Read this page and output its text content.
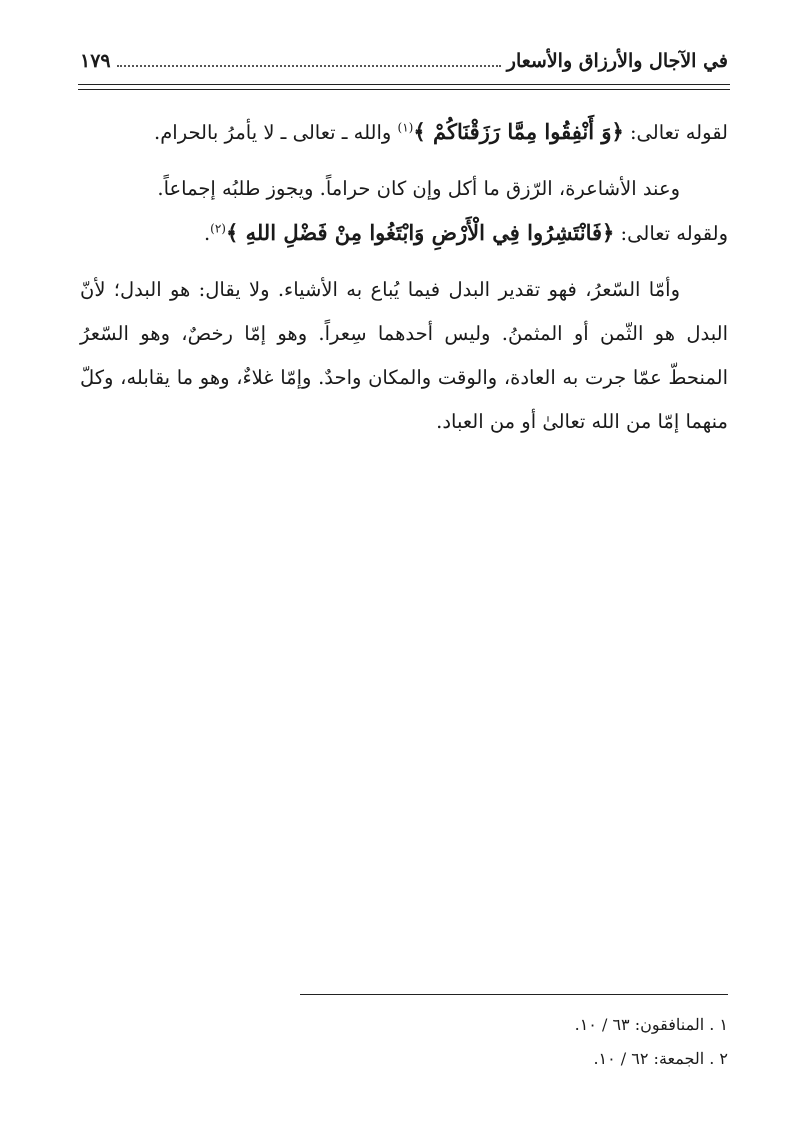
في الآجال والأرزاق والأسعار
١٧٩

لقوله تعالى: ﴿وَ أَنْفِقُوا مِمَّا رَزَقْنَاكُمْ ﴾$^{(١)}$ والله ـ تعالى ـ لا يأمرُ بالحرام.

وعند الأشاعرة، الرّزق ما أكل وإن كان حراماً. ويجوز طلبُه إجماعاً.

ولقوله تعالى: ﴿فَانْتَشِرُوا فِي الْأَرْضِ وَابْتَغُوا مِنْ فَضْلِ اللهِ ﴾$^{(٢)}$.

وأمّا السّعرُ، فهو تقدير البدل فيما يُباع به الأشياء. ولا يقال: هو البدل؛ لأنّ البدل هو الثّمن أو المثمنُ. وليس أحدهما سِعراً. وهو إمّا رخصٌ، وهو السّعرُ المنحطّ عمّا جرت به العادة، والوقت والمكان واحدٌ. وإمّا غلاءٌ، وهو ما يقابله، وكلّ منهما إمّا من الله تعالىٰ أو من العباد.

١ . المنافقون: ٦٣ / ١٠.

٢ . الجمعة: ٦٢ / ١٠.
